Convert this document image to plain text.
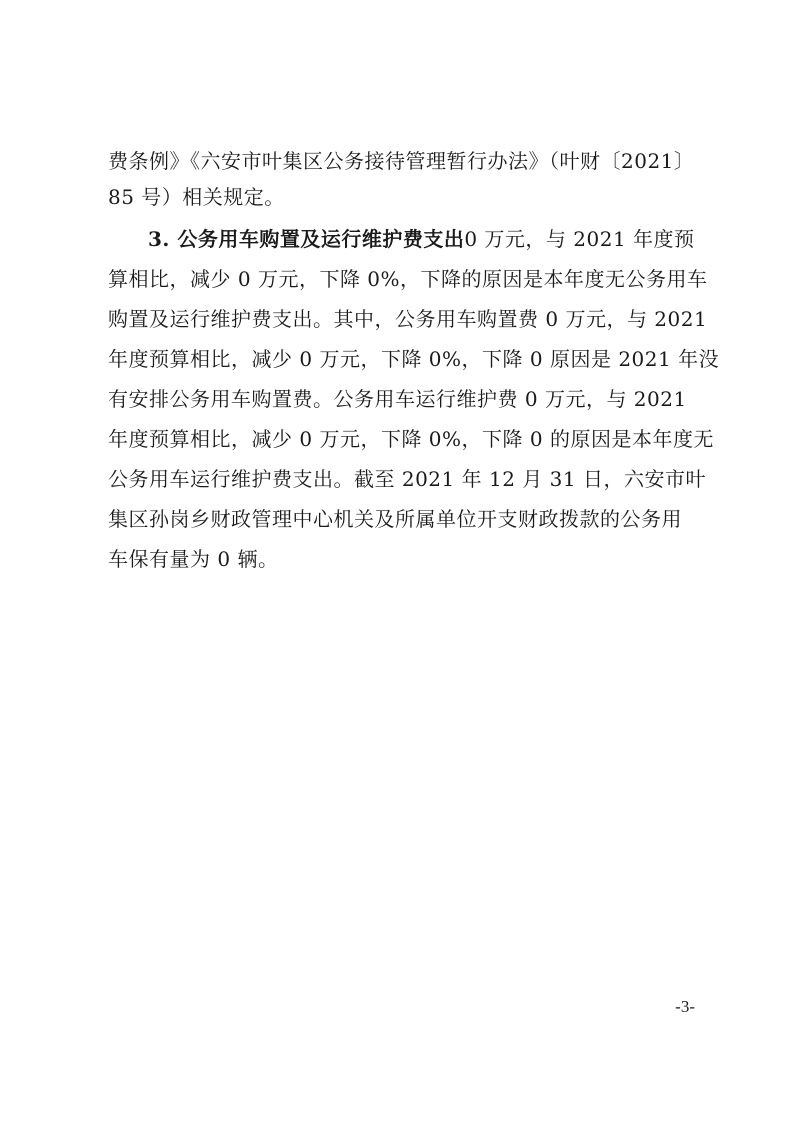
费条例》《六安市叶集区公务接待管理暂行办法》（叶财〔2021〕
85 号）相关规定。
3. 公务用车购置及运行维护费支出0 万元，与 2021 年度预
算相比，减少 0 万元，下降 0%，下降的原因是本年度无公务用车
购置及运行维护费支出。其中，公务用车购置费 0 万元，与 2021
年度预算相比，减少 0 万元，下降 0%，下降 0 原因是 2021 年没
有安排公务用车购置费。公务用车运行维护费 0 万元，与 2021
年度预算相比，减少 0 万元，下降 0%，下降 0 的原因是本年度无
公务用车运行维护费支出。截至 2021 年 12 月 31 日，六安市叶
集区孙岗乡财政管理中心机关及所属单位开支财政拨款的公务用
车保有量为 0 辆。
-3-
